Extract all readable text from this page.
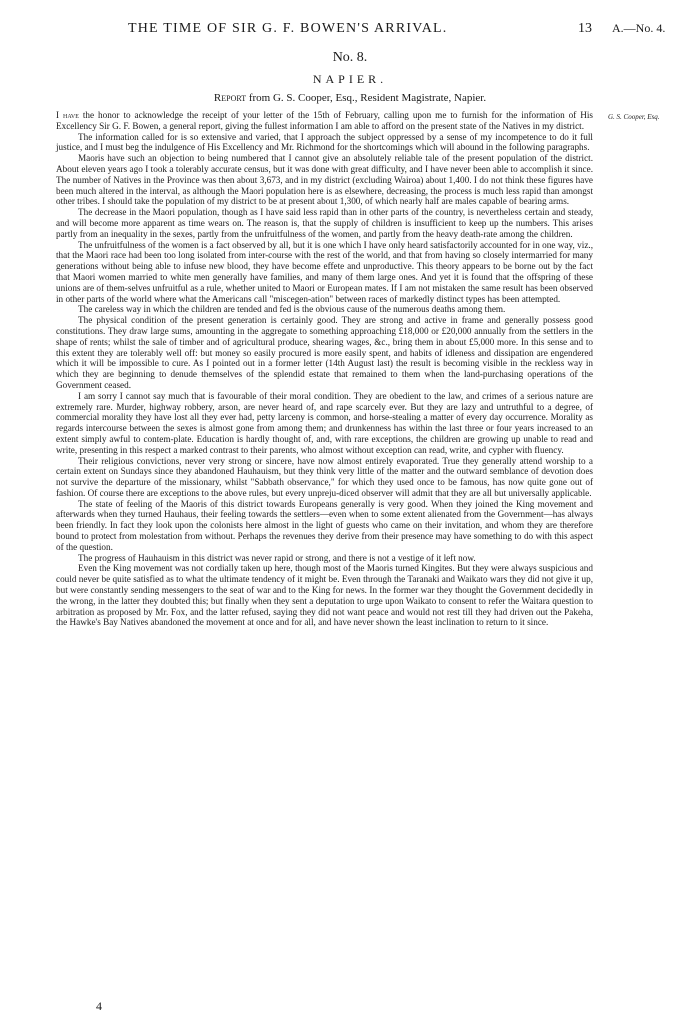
THE TIME OF SIR G. F. BOWEN'S ARRIVAL.	13 A.—No. 4.
No. 8.
NAPIER.
Report from G. S. Cooper, Esq., Resident Magistrate, Napier.
G. S. Cooper, Esq.

I have the honor to acknowledge the receipt of your letter of the 15th of February, calling upon me to furnish for the information of His Excellency Sir G. F. Bowen, a general report, giving the fullest information I am able to afford on the present state of the Natives in my district.

The information called for is so extensive and varied, that I approach the subject oppressed by a sense of my incompetence to do it full justice, and I must beg the indulgence of His Excellency and Mr. Richmond for the shortcomings which will abound in the following paragraphs.

Maoris have such an objection to being numbered that I cannot give an absolutely reliable tale of the present population of the district. About eleven years ago I took a tolerably accurate census, but it was done with great difficulty, and I have never been able to accomplish it since. The number of Natives in the Province was then about 3,673, and in my district (excluding Wairoa) about 1,400. I do not think these figures have been much altered in the interval, as although the Maori population here is as elsewhere, decreasing, the process is much less rapid than amongst other tribes. I should take the population of my district to be at present about 1,300, of which nearly half are males capable of bearing arms.

The decrease in the Maori population, though as I have said less rapid than in other parts of the country, is nevertheless certain and steady, and will become more apparent as time wears on. The reason is, that the supply of children is insufficient to keep up the numbers. This arises partly from an inequality in the sexes, partly from the unfruitfulness of the women, and partly from the heavy death-rate among the children.

The unfruitfulness of the women is a fact observed by all, but it is one which I have only heard satisfactorily accounted for in one way, viz., that the Maori race had been too long isolated from inter-course with the rest of the world, and that from having so closely intermarried for many generations without being able to infuse new blood, they have become effete and unproductive. This theory appears to be borne out by the fact that Maori women married to white men generally have families, and many of them large ones. And yet it is found that the offspring of these unions are of them-selves unfruitful as a rule, whether united to Maori or European mates. If I am not mistaken the same result has been observed in other parts of the world where what the Americans call "miscegen-ation" between races of markedly distinct types has been attempted.

The careless way in which the children are tended and fed is the obvious cause of the numerous deaths among them.

The physical condition of the present generation is certainly good. They are strong and active in frame and generally possess good constitutions. They draw large sums, amounting in the aggregate to something approaching £18,000 or £20,000 annually from the settlers in the shape of rents; whilst the sale of timber and of agricultural produce, shearing wages, &c., bring them in about £5,000 more. In this sense and to this extent they are tolerably well off: but money so easily procured is more easily spent, and habits of idleness and dissipation are engendered which it will be impossible to cure. As I pointed out in a former letter (14th August last) the result is becoming visible in the reckless way in which they are beginning to denude themselves of the splendid estate that remained to them when the land-purchasing operations of the Government ceased.

I am sorry I cannot say much that is favourable of their moral condition. They are obedient to the law, and crimes of a serious nature are extremely rare. Murder, highway robbery, arson, are never heard of, and rape scarcely ever. But they are lazy and untruthful to a degree, of commercial morality they have lost all they ever had, petty larceny is common, and horse-stealing a matter of every day occurrence. Morality as regards intercourse between the sexes is almost gone from among them; and drunkenness has within the last three or four years increased to an extent simply awful to contem-plate. Education is hardly thought of, and, with rare exceptions, the children are growing up unable to read and write, presenting in this respect a marked contrast to their parents, who almost without exception can read, write, and cypher with fluency.

Their religious convictions, never very strong or sincere, have now almost entirely evaporated. True they generally attend worship to a certain extent on Sundays since they abandoned Hauhauism, but they think very little of the matter and the outward semblance of devotion does not survive the departure of the missionary, whilst "Sabbath observance," for which they used once to be famous, has now quite gone out of fashion. Of course there are exceptions to the above rules, but every unpreju-diced observer will admit that they are all but universally applicable.

The state of feeling of the Maoris of this district towards Europeans generally is very good. When they joined the King movement and afterwards when they turned Hauhaus, their feeling towards the settlers—even when to some extent alienated from the Government—has always been friendly. In fact they look upon the colonists here almost in the light of guests who came on their invitation, and whom they are therefore bound to protect from molestation from without. Perhaps the revenues they derive from their presence may have something to do with this aspect of the question.

The progress of Hauhauism in this district was never rapid or strong, and there is not a vestige of it left now.

Even the King movement was not cordially taken up here, though most of the Maoris turned Kingites. But they were always suspicious and could never be quite satisfied as to what the ultimate tendency of it might be. Even through the Taranaki and Waikato wars they did not give it up, but were constantly sending messengers to the seat of war and to the King for news. In the former war they thought the Government decidedly in the wrong, in the latter they doubted this; but finally when they sent a deputation to urge upon Waikato to consent to refer the Waitara question to arbitration as proposed by Mr. Fox, and the latter refused, saying they did not want peace and would not rest till they had driven out the Pakeha, the Hawke's Bay Natives abandoned the movement at once and for all, and have never shown the least inclination to return to it since.

4
